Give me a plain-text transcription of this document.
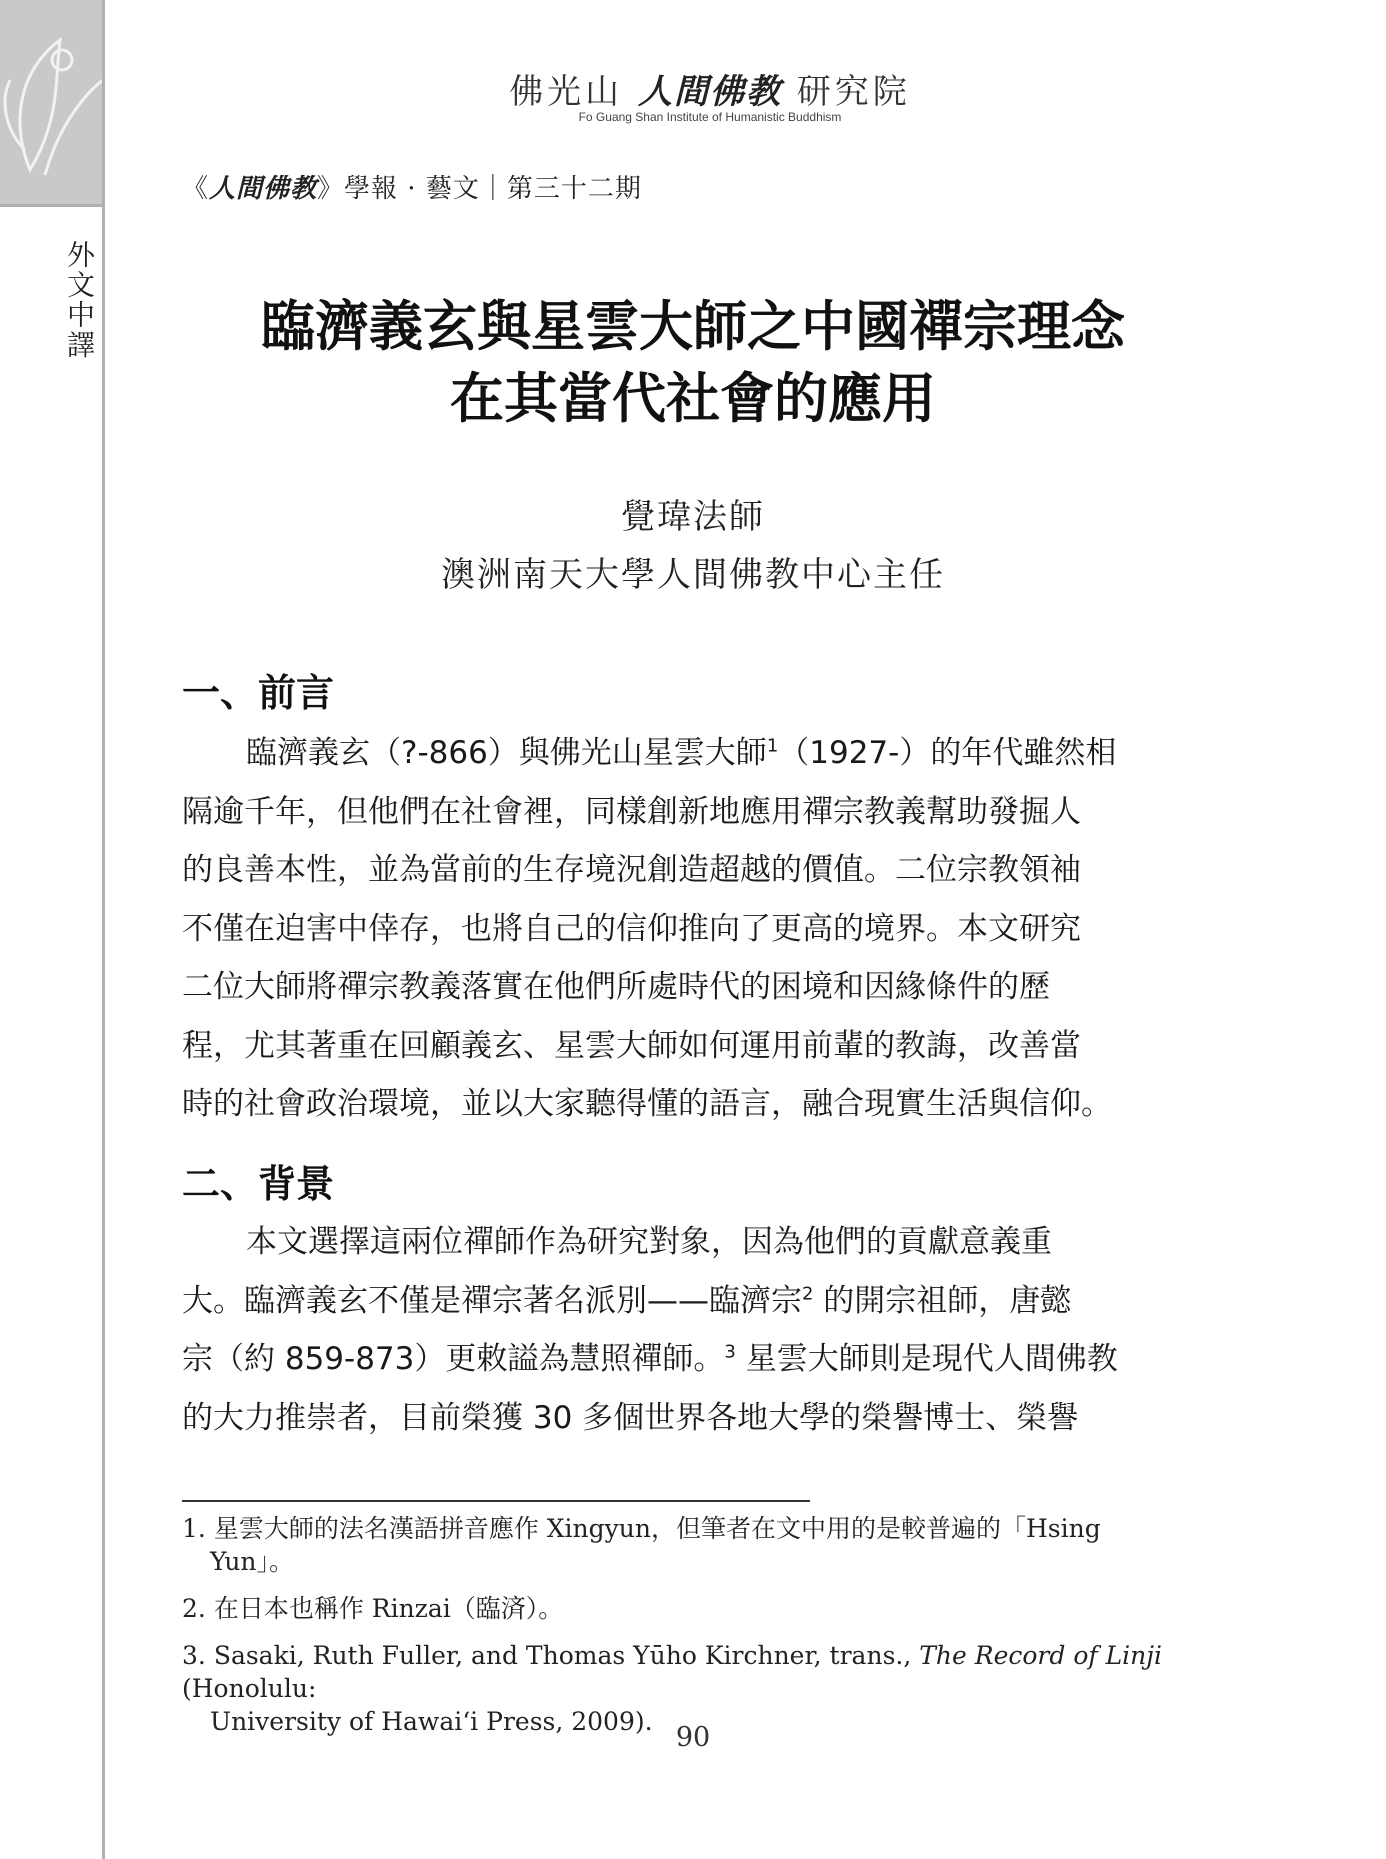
外文中譯
佛光山 人間佛教 研究院
Fo Guang Shan Institute of Humanistic Buddhism
《人間佛教》學報 · 藝文｜第三十二期
臨濟義玄與星雲大師之中國禪宗理念
在其當代社會的應用
覺瑋法師
澳洲南天大學人間佛教中心主任
一、前言

臨濟義玄（?-866）與佛光山星雲大師$^1$（1927-）的年代雖然相
隔逾千年，但他們在社會裡，同樣創新地應用禪宗教義幫助發掘人
的良善本性，並為當前的生存境況創造超越的價值。二位宗教領袖
不僅在迫害中倖存，也將自己的信仰推向了更高的境界。本文研究
二位大師將禪宗教義落實在他們所處時代的困境和因緣條件的歷
程，尤其著重在回顧義玄、星雲大師如何運用前輩的教誨，改善當
時的社會政治環境，並以大家聽得懂的語言，融合現實生活與信仰。

二、背景

本文選擇這兩位禪師作為研究對象，因為他們的貢獻意義重
大。臨濟義玄不僅是禪宗著名派別——臨濟宗$^2$ 的開宗祖師，唐懿
宗（約 859-873）更敕謚為慧照禪師。$^3$ 星雲大師則是現代人間佛教
的大力推崇者，目前榮獲 30 多個世界各地大學的榮譽博士、榮譽

1. 星雲大師的法名漢語拼音應作 Xingyun，但筆者在文中用的是較普遍的「Hsing
Yun」。
2. 在日本也稱作 Rinzai（臨済）。
3. Sasaki, Ruth Fuller, and Thomas Yūho Kirchner, trans., The Record of Linji (Honolulu:
University of Hawai‘i Press, 2009).
90
